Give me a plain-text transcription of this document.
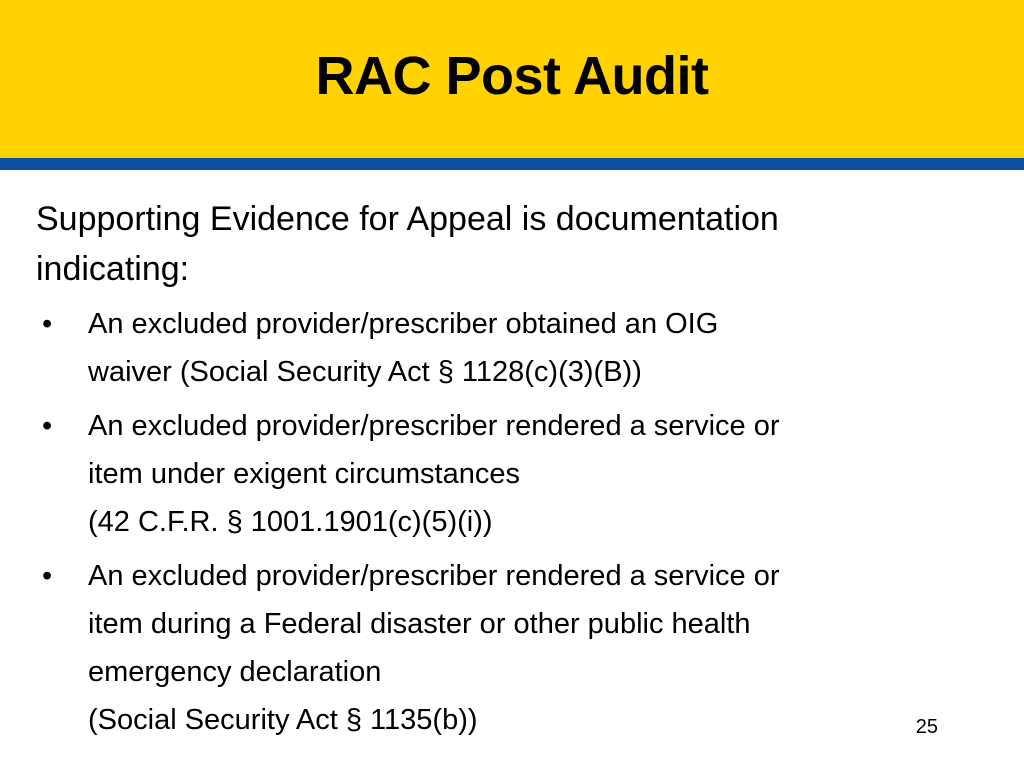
RAC Post Audit

Supporting Evidence for Appeal is documentation
indicating:

• An excluded provider/prescriber obtained an OIG
waiver (Social Security Act § 1128(c)(3)(B))
• An excluded provider/prescriber rendered a service or
item under exigent circumstances
(42 C.F.R. § 1001.1901(c)(5)(i))
• An excluded provider/prescriber rendered a service or
item during a Federal disaster or other public health
emergency declaration
(Social Security Act § 1135(b))	25
